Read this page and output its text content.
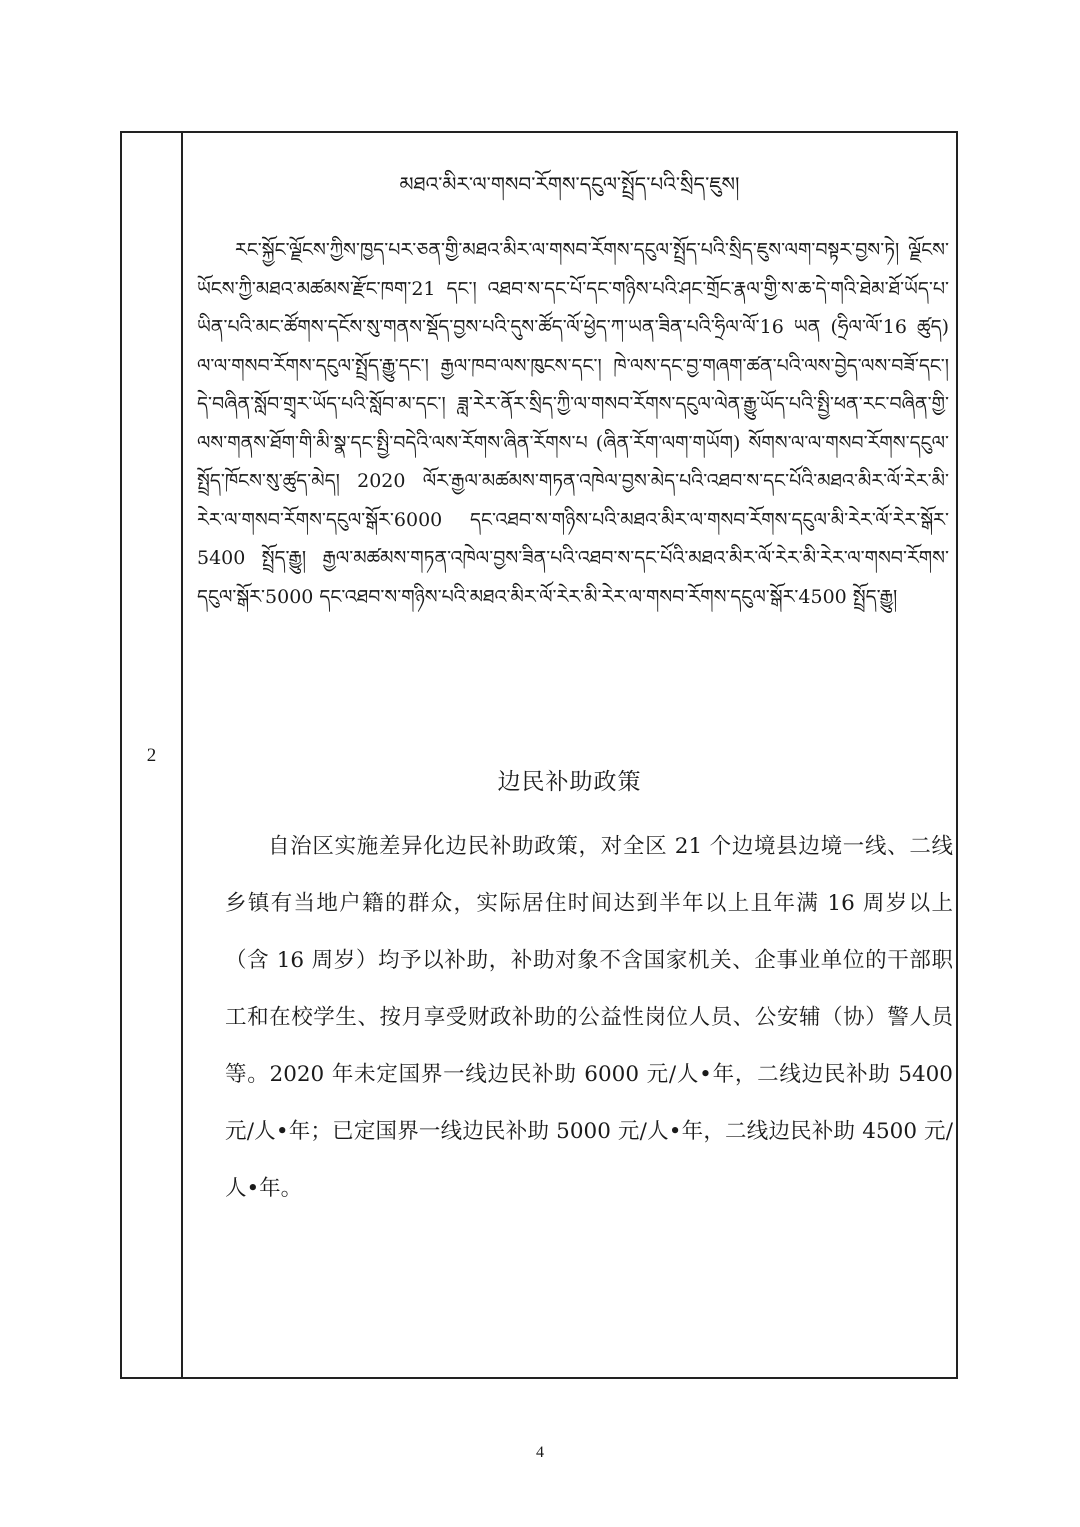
2
མཐའ་མིར་ལ་གསབ་རོགས་དངུལ་སྤྲོད་པའི་སྲིད་ཇུས།
རང་སྐྱོང་ལྗོངས་ཀྱིས་ཁྱད་པར་ཅན་གྱི་མཐའ་མིར་ལ་གསབ་རོགས་དངུལ་སྤྲོད་པའི་སྲིད་ཇུས་ལག་བསྟར་བྱས་ཏེ། ལྗོངས་ཡོངས་ཀྱི་མཐའ་མཚམས་རྫོང་ཁག་21 དང་། འཐབ་ས་དང་པོ་དང་གཉིས་པའི་ཤང་གྲོང་རྣལ་གྱི་ས་ཆ་དེ་གའི་ཐེམ་ཐོ་ཡོད་པ་ཡིན་པའི་མང་ཚོགས་དངོས་སུ་གནས་སྡོད་བྱས་པའི་དུས་ཚོད་ལོ་ཕྱེད་ཀ་ཡན་ཟིན་པའི་ཧྲིལ་ལོ་16 ཡན (ཧྲིལ་ལོ་16 ཚུད) ལ་ལ་གསབ་རོགས་དངུལ་སྤྲོད་རྒྱུ་དང་། རྒྱལ་ཁབ་ལས་ཁུངས་དང་། ཁེ་ལས་དང་བྱ་གཞག་ཚན་པའི་ལས་བྱེད་ལས་བཟོ་དང་། དེ་བཞིན་སློབ་གྲྭར་ཡོད་པའི་སློབ་མ་དང་། ཟླ་རེར་ནོར་སྲིད་ཀྱི་ལ་གསབ་རོགས་དངུལ་ལེན་རྒྱུ་ཡོད་པའི་སྤྱི་ཕན་རང་བཞིན་གྱི་ལས་གནས་ཐོག་གི་མི་སྣ་དང་སྤྱི་བདེའི་ལས་རོགས་ཞིན་རོགས་པ (ཞིན་རོག་ལག་གཡོག) སོགས་ལ་ལ་གསབ་རོགས་དངུལ་སྤྲོད་ཁོངས་སུ་ཚུད་མེད། 2020 ལོར་རྒྱལ་མཚམས་གཏན་འཁེལ་བྱས་མེད་པའི་འཐབ་ས་དང་པོའི་མཐའ་མིར་ལོ་རེར་མི་རེར་ལ་གསབ་རོགས་དངུལ་སྒོར་6000 དང་འཐབ་ས་གཉིས་པའི་མཐའ་མིར་ལ་གསབ་རོགས་དངུལ་མི་རེར་ལོ་རེར་སྒོར་5400 སྤྲོད་རྒྱུ། རྒྱལ་མཚམས་གཏན་འཁེལ་བྱས་ཟིན་པའི་འཐབ་ས་དང་པོའི་མཐའ་མིར་ལོ་རེར་མི་རེར་ལ་གསབ་རོགས་དངུལ་སྒོར་5000 དང་འཐབ་ས་གཉིས་པའི་མཐའ་མིར་ལོ་རེར་མི་རེར་ལ་གསབ་རོགས་དངུལ་སྒོར་4500 སྤྲོད་རྒྱུ།
边民补助政策
自治区实施差异化边民补助政策，对全区 21 个边境县边境一线、二线乡镇有当地户籍的群众，实际居住时间达到半年以上且年满 16 周岁以上（含 16 周岁）均予以补助，补助对象不含国家机关、企事业单位的干部职工和在校学生、按月享受财政补助的公益性岗位人员、公安辅（协）警人员等。2020 年未定国界一线边民补助 6000 元/人•年，二线边民补助 5400 元/人•年；已定国界一线边民补助 5000 元/人•年，二线边民补助 4500 元/人•年。
4
